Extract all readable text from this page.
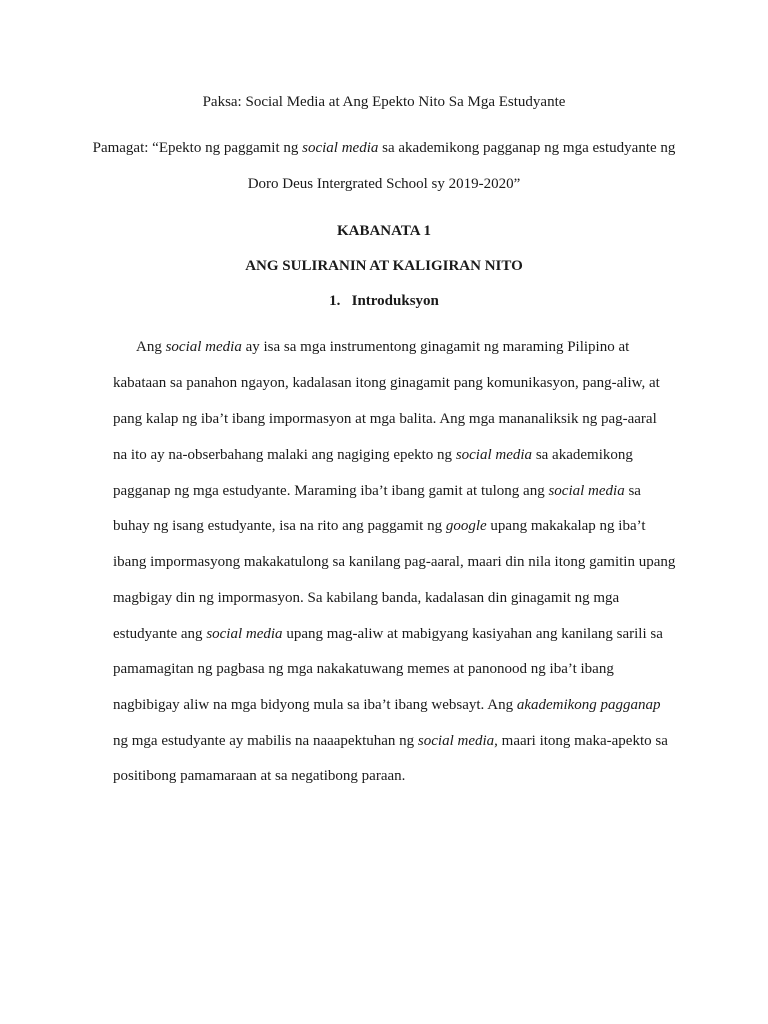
Paksa: Social Media at Ang Epekto Nito Sa Mga Estudyante
Pamagat: “Epekto ng paggamit ng social media sa akademikong pagganap ng mga estudyante ng
Doro Deus Intergrated School sy 2019-2020”
KABANATA 1
ANG SULIRANIN AT KALIGIRAN NITO
1. Introduksyon
Ang social media ay isa sa mga instrumentong ginagamit ng maraming Pilipino at
kabataan sa panahon ngayon, kadalasan itong ginagamit pang komunikasyon, pang-aliw, at
pang kalap ng iba’t ibang impormasyon at mga balita. Ang mga mananaliksik ng pag-aaral
na ito ay na-obserbahang malaki ang nagiging epekto ng social media sa akademikong
pagganap ng mga estudyante. Maraming iba’t ibang gamit at tulong ang social media sa
buhay ng isang estudyante, isa na rito ang paggamit ng google upang makakalap ng iba’t
ibang impormasyong makakatulong sa kanilang pag-aaral, maari din nila itong gamitin upang
magbigay din ng impormasyon. Sa kabilang banda, kadalasan din ginagamit ng mga
estudyante ang social media upang mag-aliw at mabigyang kasiyahan ang kanilang sarili sa
pamamagitan ng pagbasa ng mga nakakatuwang memes at panonood ng iba’t ibang
nagbibigay aliw na mga bidyong mula sa iba’t ibang websayt. Ang akademikong pagganap
ng mga estudyante ay mabilis na naaapektuhan ng social media, maari itong maka-apekto sa
positibong pamamaraan at sa negatibong paraan.
